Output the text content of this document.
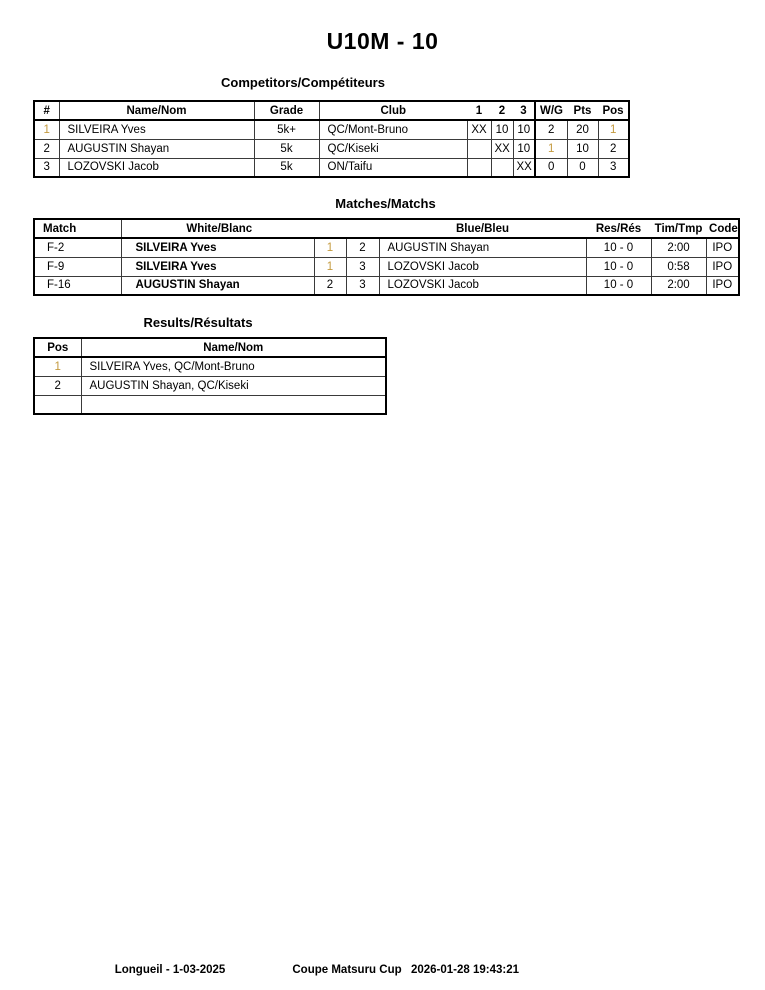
U10M - 10
Competitors/Compétiteurs
#	Name/Nom	Grade	Club	1	2	3	W/G	Pts	Pos
1	SILVEIRA Yves	5k+	QC/Mont-Bruno	XX	10	10	2	20	1
2	AUGUSTIN Shayan	5k	QC/Kiseki		XX	10	1	10	2
3	LOZOVSKI Jacob	5k	ON/Taifu			XX	0	0	3
Matches/Matchs
Match	White/Blanc			Blue/Bleu	Res/Rés	Tim/Tmp	Code
F-2	SILVEIRA Yves	1	2	AUGUSTIN Shayan	10 - 0	2:00	IPO
F-9	SILVEIRA Yves	1	3	LOZOVSKI Jacob	10 - 0	0:58	IPO
F-16	AUGUSTIN Shayan	2	3	LOZOVSKI Jacob	10 - 0	2:00	IPO
Results/Résultats
Pos	Name/Nom
1	SILVEIRA Yves, QC/Mont-Bruno
2	AUGUSTIN Shayan, QC/Kiseki

Longueil - 1-03-2025	Coupe Matsuru Cup 2026-01-28 19:43:21
